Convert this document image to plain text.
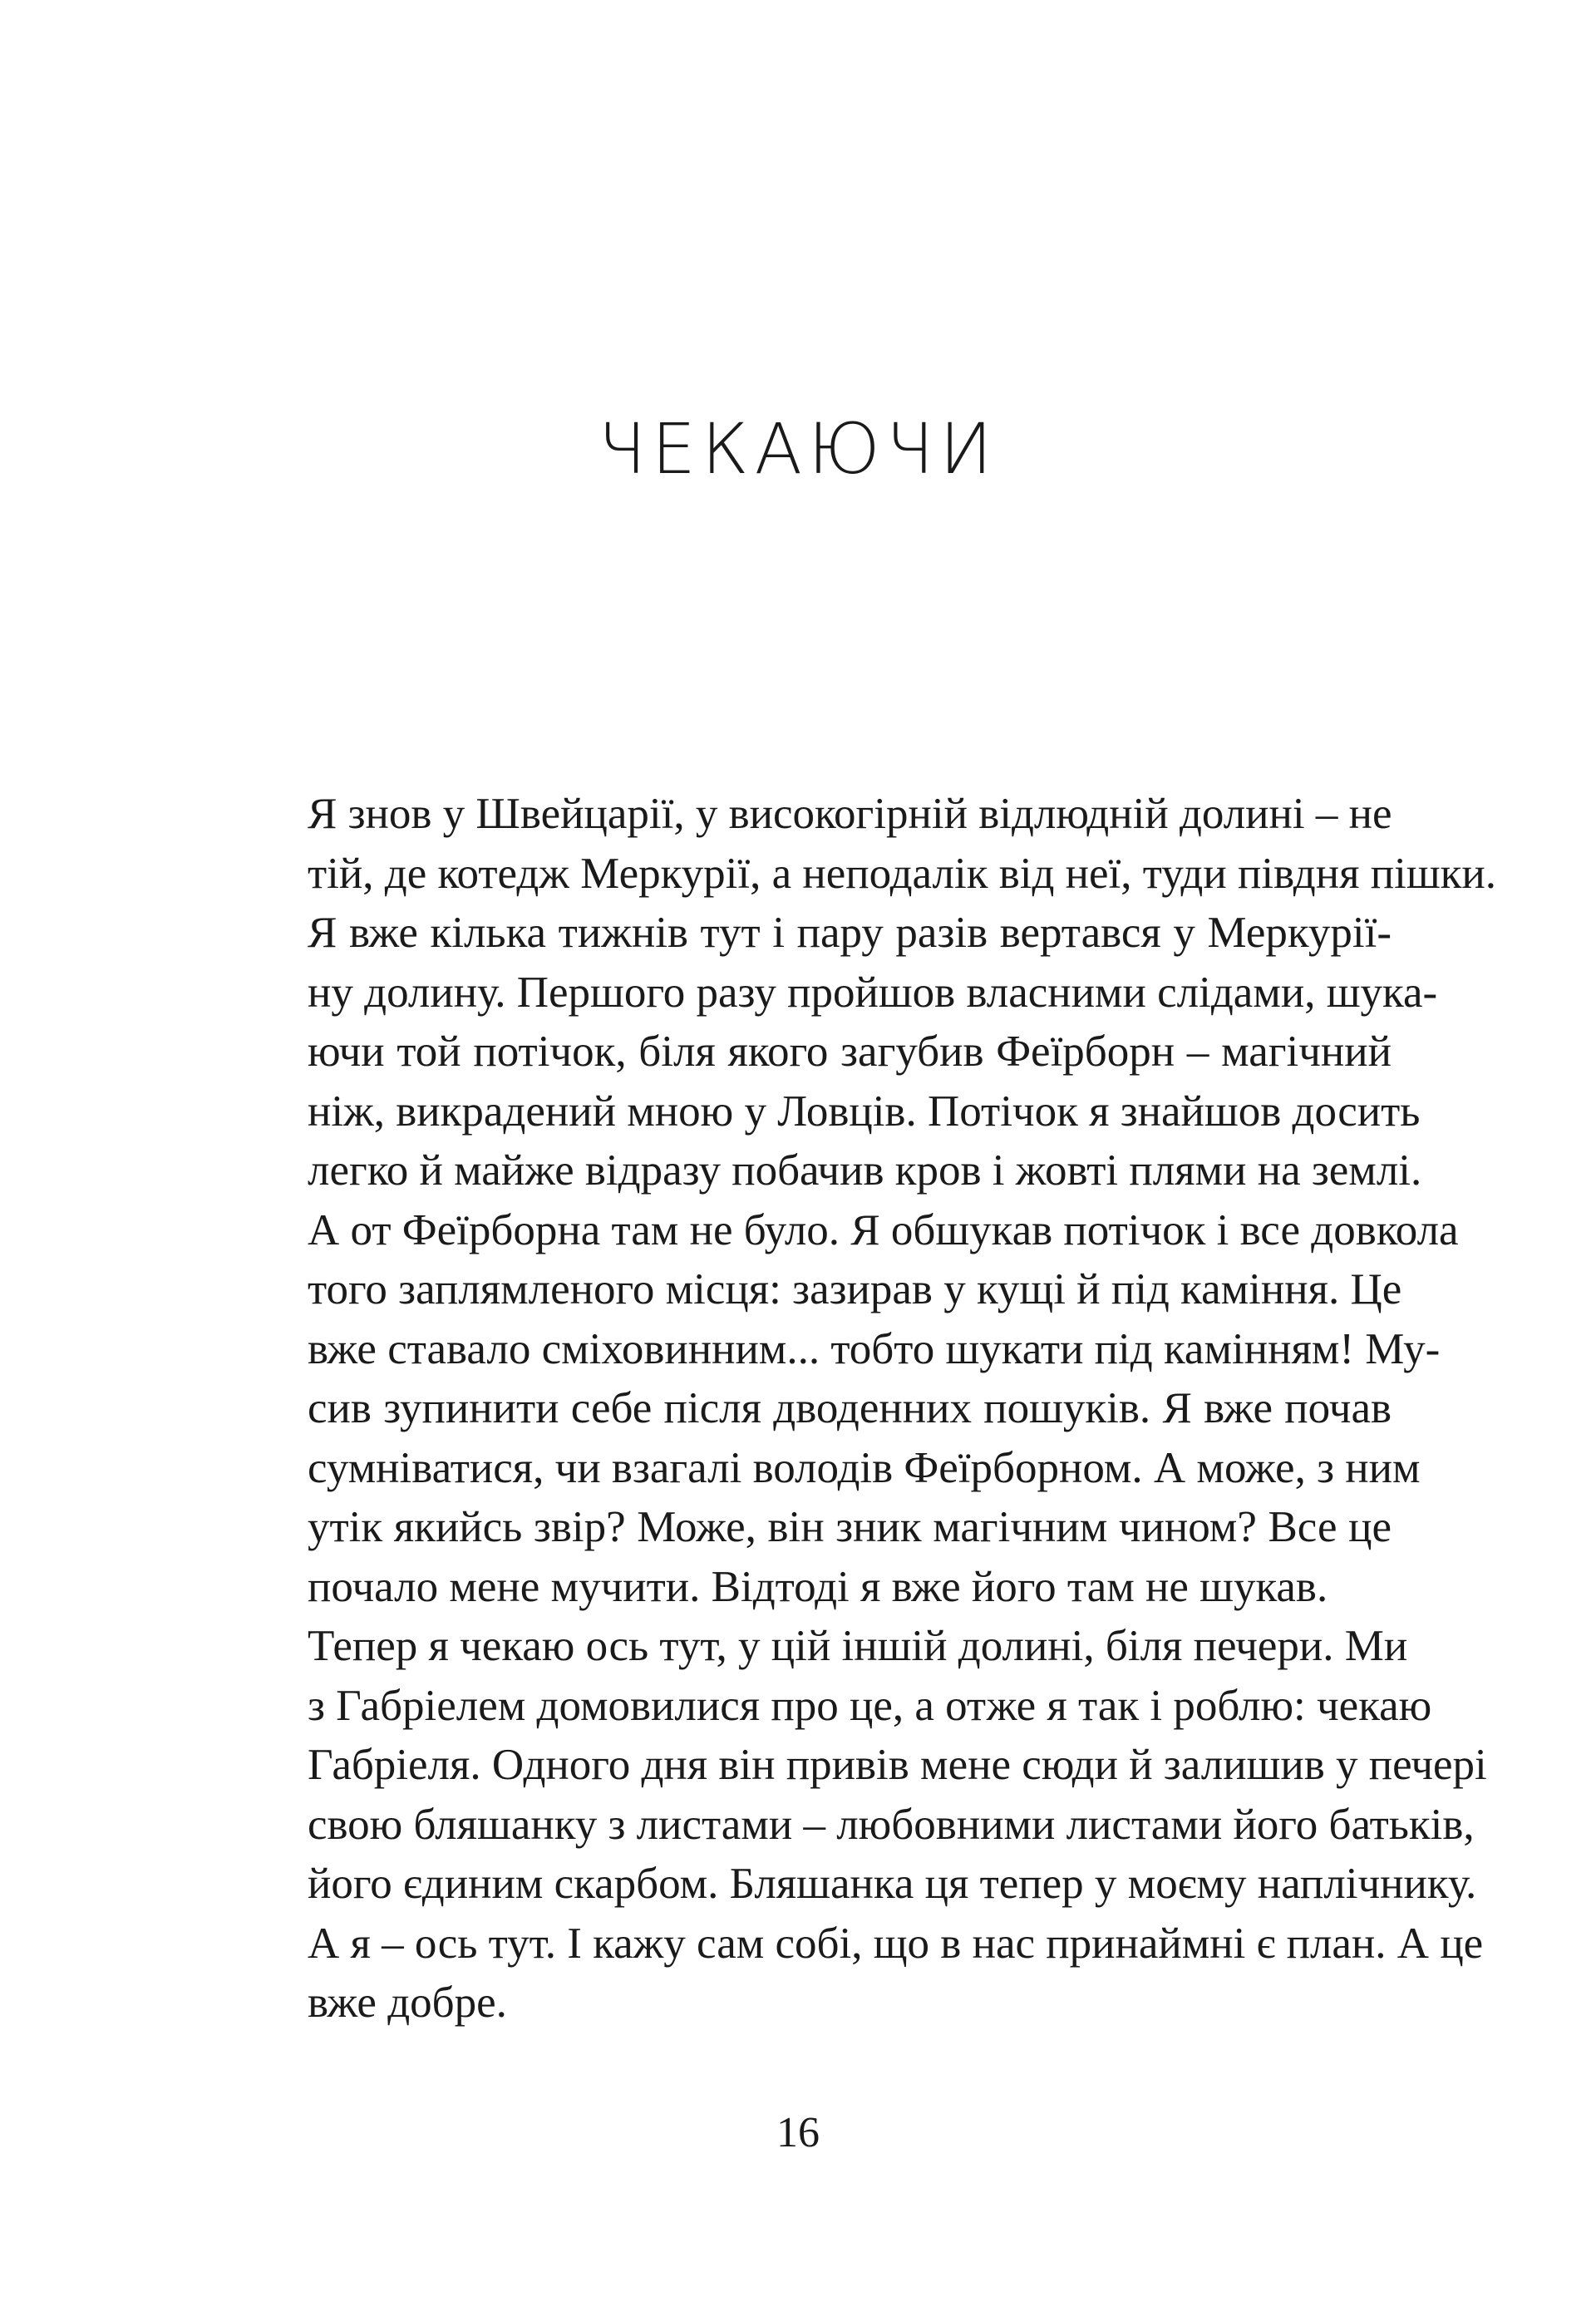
ЧЕКАЮЧИ

Я знов у Швейцарії, у високогірній відлюдній долині – не
тій, де котедж Меркурії, а неподалік від неї, туди півдня пішки.

Я вже кілька тижнів тут і пару разів вертався у Меркурії-
ну долину. Першого разу пройшов власними слідами, шука-
ючи той потічок, біля якого загубив Феїрборн – магічний
ніж, викрадений мною у Ловців. Потічок я знайшов досить
легко й майже відразу побачив кров і жовті плями на землі.
А от Феїрборна там не було. Я обшукав потічок і все довкола
того заплямленого місця: зазирав у кущі й під каміння. Це
вже ставало сміховинним... тобто шукати під камінням! Му-
сив зупинити себе після дводенних пошуків. Я вже почав
сумніватися, чи взагалі володів Феїрборном. А може, з ним
утік якийсь звір? Може, він зник магічним чином? Все це
почало мене мучити. Відтоді я вже його там не шукав.

Тепер я чекаю ось тут, у цій іншій долині, біля печери. Ми
з Габріелем домовилися про це, а отже я так і роблю: чекаю
Габріеля. Одного дня він привів мене сюди й залишив у печері
свою бляшанку з листами – любовними листами його батьків,
його єдиним скарбом. Бляшанка ця тепер у моєму наплічнику.
А я – ось тут. І кажу сам собі, що в нас принаймні є план. А це
вже добре.

16
